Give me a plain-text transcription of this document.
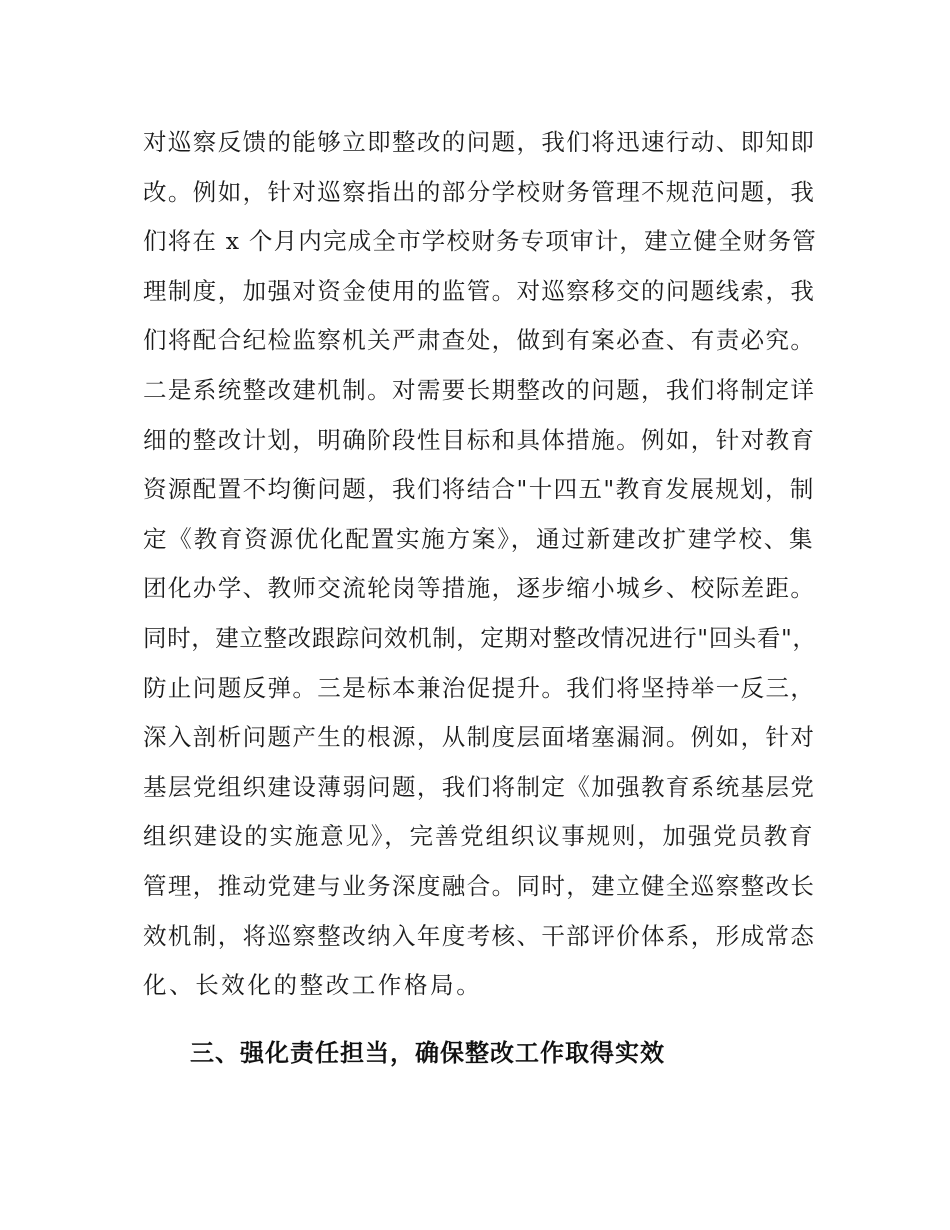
对巡察反馈的能够立即整改的问题，我们将迅速行动、即知即
改。例如，针对巡察指出的部分学校财务管理不规范问题，我
们将在 x 个月内完成全市学校财务专项审计，建立健全财务管
理制度，加强对资金使用的监管。对巡察移交的问题线索，我
们将配合纪检监察机关严肃查处，做到有案必查、有责必究。
二是系统整改建机制。对需要长期整改的问题，我们将制定详
细的整改计划，明确阶段性目标和具体措施。例如，针对教育
资源配置不均衡问题，我们将结合"十四五"教育发展规划，制
定《教育资源优化配置实施方案》，通过新建改扩建学校、集
团化办学、教师交流轮岗等措施，逐步缩小城乡、校际差距。
同时，建立整改跟踪问效机制，定期对整改情况进行"回头看"，
防止问题反弹。三是标本兼治促提升。我们将坚持举一反三，
深入剖析问题产生的根源，从制度层面堵塞漏洞。例如，针对
基层党组织建设薄弱问题，我们将制定《加强教育系统基层党
组织建设的实施意见》，完善党组织议事规则，加强党员教育
管理，推动党建与业务深度融合。同时，建立健全巡察整改长
效机制，将巡察整改纳入年度考核、干部评价体系，形成常态
化、长效化的整改工作格局。
三、强化责任担当，确保整改工作取得实效
